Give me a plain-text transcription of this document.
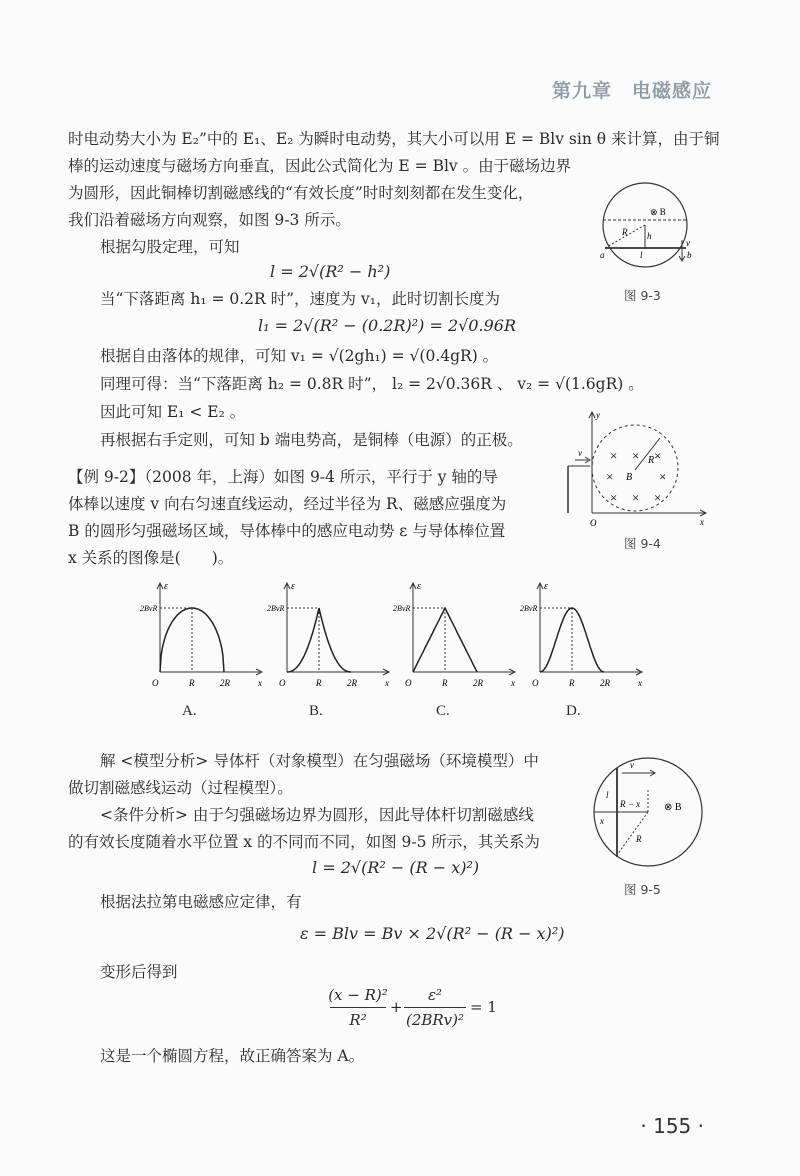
第九章　电磁感应
时电动势大小为 E₂”中的 E₁、E₂ 为瞬时电动势，其大小可以用 E = Blv sin θ 来计算，由于铜
棒的运动速度与磁场方向垂直，因此公式简化为 E = Blv 。由于磁场边界
为圆形，因此铜棒切割磁感线的“有效长度”时时刻刻都在发生变化，
我们沿着磁场方向观察，如图 9-3 所示。
根据勾股定理，可知
l = 2√(R² − h²)
当“下落距离 h₁ = 0.2R 时”，速度为 v₁，此时切割长度为
l₁ = 2√(R² − (0.2R)²) = 2√0.96R
根据自由落体的规律，可知 v₁ = √(2gh₁) = √(0.4gR) 。
同理可得：当“下落距离 h₂ = 0.8R 时”， l₂ = 2√0.36R 、 v₂ = √(1.6gR) 。
因此可知 E₁ < E₂ 。
再根据右手定则，可知 b 端电势高，是铜棒（电源）的正极。
【例 9-2】（2008 年，上海）如图 9-4 所示，平行于 y 轴的导
体棒以速度 v 向右匀速直线运动，经过半径为 R、磁感应强度为
B 的圆形匀强磁场区域，导体棒中的感应电动势 ε 与导体棒位置
x 关系的图像是(　　)。
⊗ B
R h
a	l	b
v
图 9-3
× × ×
×	×
× × ×
B
R
y
x
O
v
图 9-4
ε
2BvR
O	R	2R	x
ε
2BvR
O	R	2R	x
ε
2BvR
O	R	2R	x
ε
2BvR
O	R	2R	x
A.	B.	C.	D.
解 <模型分析> 导体杆（对象模型）在匀强磁场（环境模型）中
做切割磁感线运动（过程模型）。
<条件分析> 由于匀强磁场边界为圆形，因此导体杆切割磁感线
的有效长度随着水平位置 x 的不同而不同，如图 9-5 所示，其关系为
l = 2√(R² − (R − x)²)
根据法拉第电磁感应定律，有
ε = Blv = Bv × 2√(R² − (R − x)²)
变形后得到
(x − R)²
R²
+
ε²
(2BRv)²
= 1
这是一个椭圆方程，故正确答案为 A。
v
l
R − x ⊗ B
x
R
图 9-5
· 155 ·
